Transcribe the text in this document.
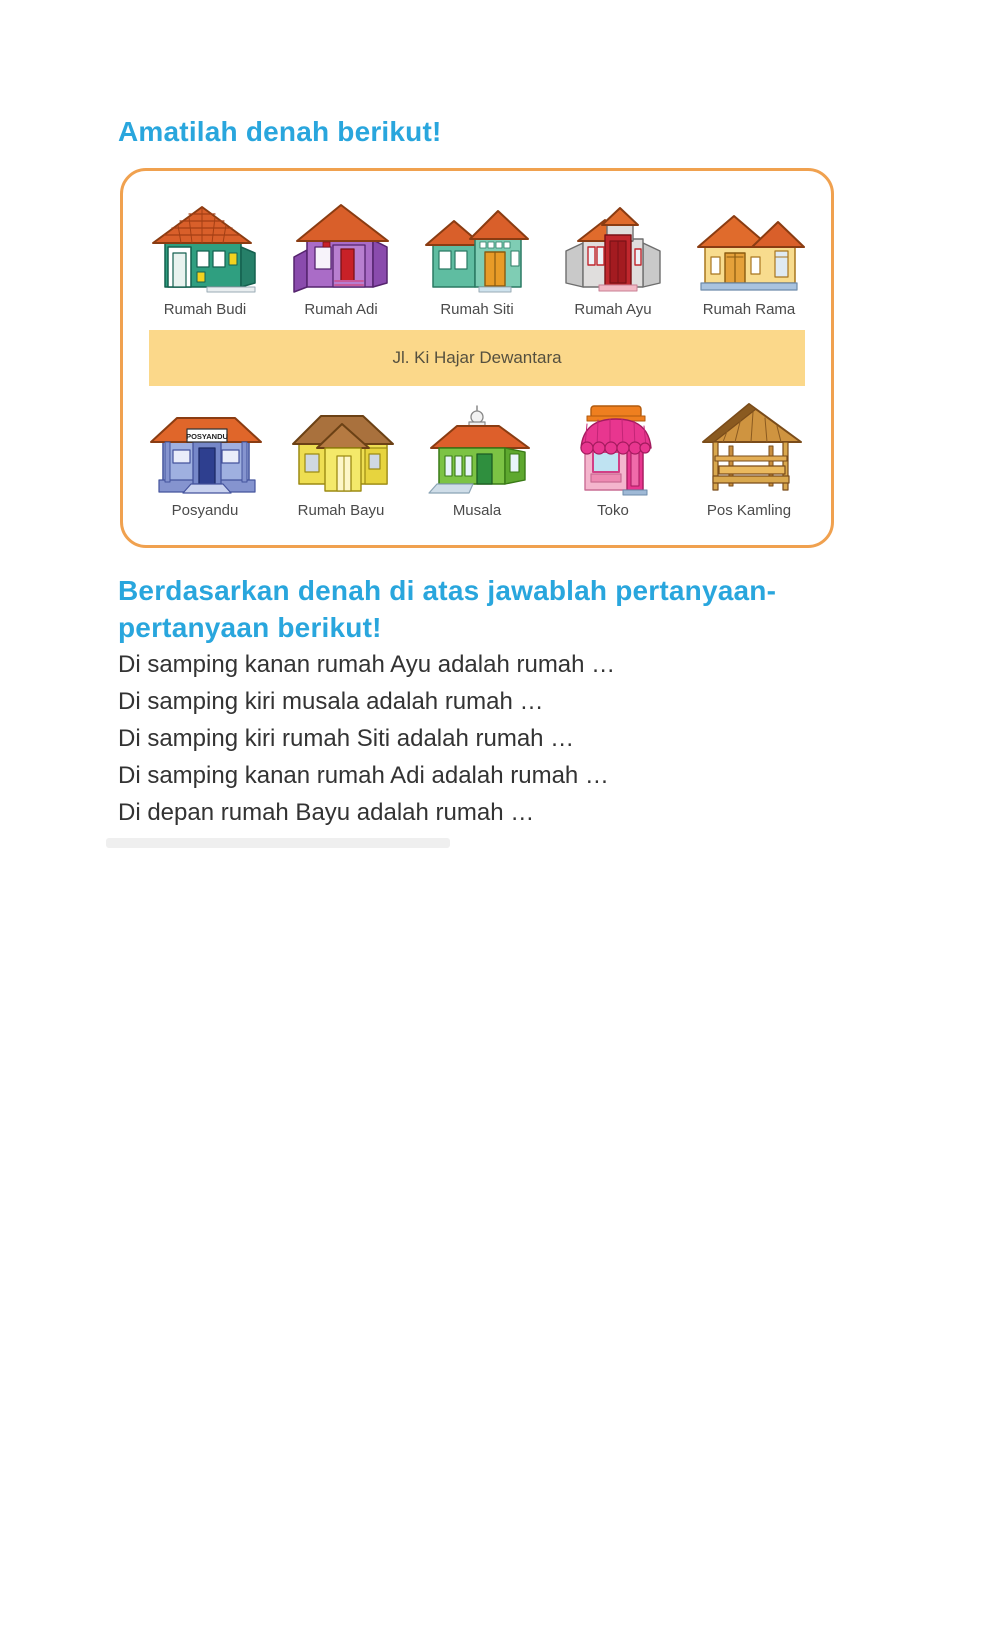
Amatilah denah berikut!
Rumah Budi	Rumah Adi	Rumah Siti	Rumah Ayu	Rumah Rama
Jl. Ki Hajar Dewantara
POSYANDU
Posyandu	Rumah Bayu	Musala	Toko	Pos Kamling
Berdasarkan denah di atas jawablah pertanyaan-pertanyaan berikut!
Di samping kanan rumah Ayu adalah rumah …
Di samping kiri musala adalah rumah …
Di samping kiri rumah Siti adalah rumah …
Di samping kanan rumah Adi adalah rumah …
Di depan rumah Bayu adalah rumah …
